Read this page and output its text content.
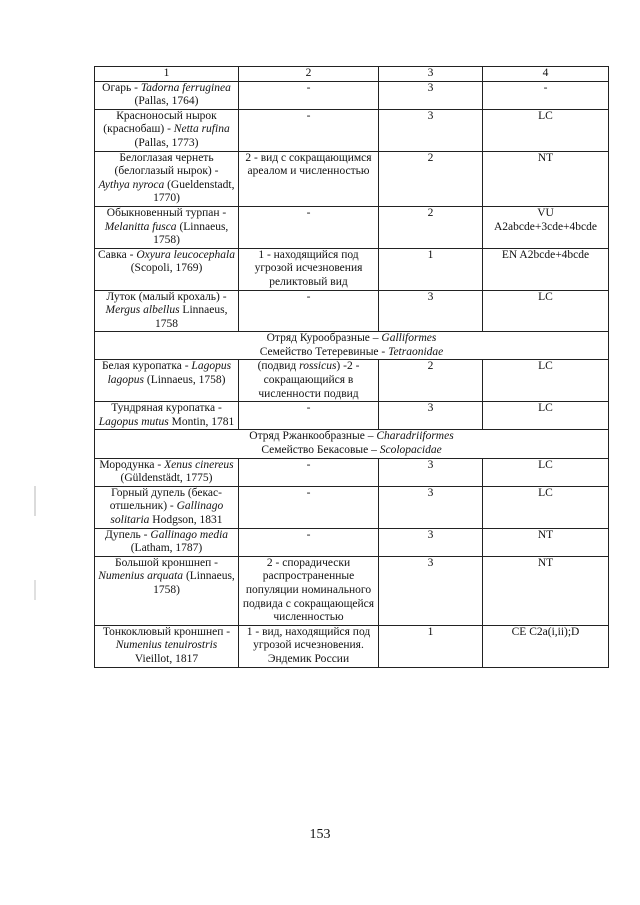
1	2	3	4
Огарь - Tadorna ferruginea (Pallas, 1764)	-	3	-
Красноносый нырок (краснобаш) - Netta rufina (Pallas, 1773)	-	3	LC
Белоглазая чернеть (белоглазый нырок) - Aythya nyroca (Gueldenstadt, 1770)	2 - вид с сокращающимся ареалом и численностью	2	NT
Обыкновенный турпан - Melanitta fusca (Linnaeus, 1758)	-	2	VU A2abcde+3cde+4bcde
Савка - Oxyura leucocephala (Scopoli, 1769)	1 - находящийся под угрозой исчезновения реликтовый вид	1	EN A2bcde+4bcde
Луток (малый крохаль) - Mergus albellus Linnaeus, 1758	-	3	LC

Отряд Курообразные – Galliformes
Семейство Тетеревиные - Tetraonidae			

Белая куропатка - Lagopus lagopus (Linnaeus, 1758)	(подвид rossicus) -2 - сокращающийся в численности подвид	2	LC
Тундряная куропатка - Lagopus mutus Montin, 1781	-	3	LC

Отряд Ржанкообразные – Charadriiformes
Семейство Бекасовые – Scolopacidae			

Мородунка - Xenus cinereus (Güldenstädt, 1775)	-	3	LC
Горный дупель (бекас-отшельник) - Gallinago solitaria Hodgson, 1831	-	3	LC
Дупель - Gallinago media (Latham, 1787)	-	3	NT
Большой кроншнеп - Numenius arquata (Linnaeus, 1758)	2 - спорадически распространенные популяции номинального подвида с сокращающейся численностью	3	NT
Тонкоклювый кроншнеп - Numenius tenuirostris Vieillot, 1817	1 - вид, находящийся под угрозой исчезновения. Эндемик России	1	CE C2a(i,ii);D
153
